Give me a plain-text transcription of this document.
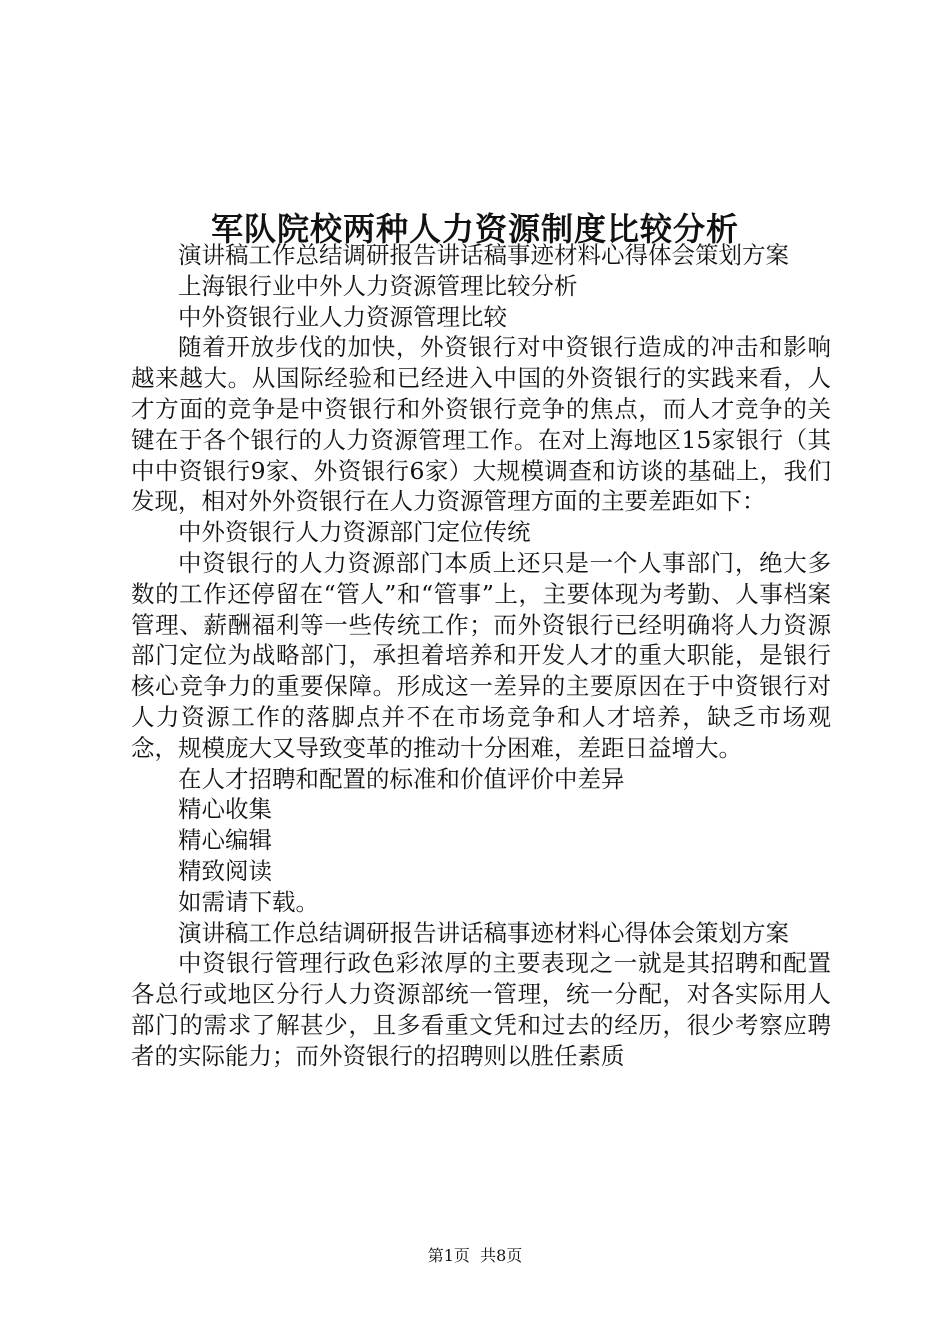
军队院校两种人力资源制度比较分析

演讲稿工作总结调研报告讲话稿事迹材料心得体会策划方案

上海银行业中外人力资源管理比较分析

中外资银行业人力资源管理比较

随着开放步伐的加快，外资银行对中资银行造成的冲击和影响越来越大。从国际经验和已经进入中国的外资银行的实践来看，人才方面的竞争是中资银行和外资银行竞争的焦点，而人才竞争的关键在于各个银行的人力资源管理工作。在对上海地区15家银行（其中中资银行9家、外资银行6家）大规模调查和访谈的基础上，我们发现，相对外外资银行在人力资源管理方面的主要差距如下：

中外资银行人力资源部门定位传统

中资银行的人力资源部门本质上还只是一个人事部门，绝大多数的工作还停留在“管人”和“管事”上，主要体现为考勤、人事档案管理、薪酬福利等一些传统工作；而外资银行已经明确将人力资源部门定位为战略部门，承担着培养和开发人才的重大职能，是银行核心竞争力的重要保障。形成这一差异的主要原因在于中资银行对人力资源工作的落脚点并不在市场竞争和人才培养，缺乏市场观念，规模庞大又导致变革的推动十分困难，差距日益增大。

在人才招聘和配置的标准和价值评价中差异

精心收集

精心编辑

精致阅读

如需请下载。

演讲稿工作总结调研报告讲话稿事迹材料心得体会策划方案

中资银行管理行政色彩浓厚的主要表现之一就是其招聘和配置各总行或地区分行人力资源部统一管理，统一分配，对各实际用人部门的需求了解甚少，且多看重文凭和过去的经历，很少考察应聘者的实际能力；而外资银行的招聘则以胜任素质

第1页  共8页
